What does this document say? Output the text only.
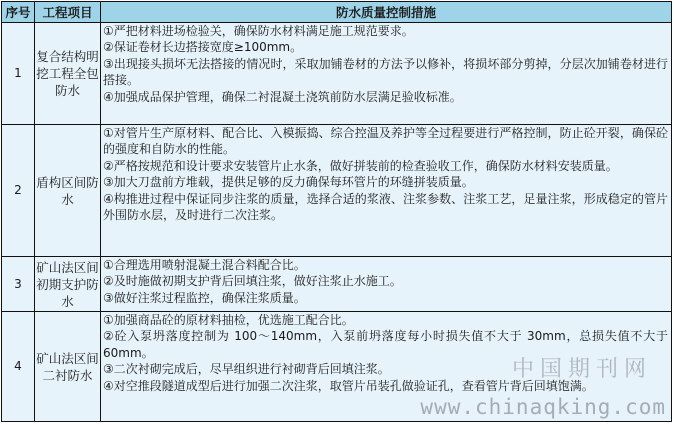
序号	工程项目	防水质量控制措施
1	复合结构明挖工程全包防水	①严把材料进场检验关，确保防水材料满足施工规范要求。
②保证卷材长边搭接宽度≥100mm。
③出现接头损坏无法搭接的情况时，采取加铺卷材的方法予以修补，将损坏部分剪掉，分层次加铺卷材进行搭接。
④加强成品保护管理，确保二衬混凝土浇筑前防水层满足验收标准。

2	盾构区间防水	①对管片生产原材料、配合比、入模振捣、综合控温及养护等全过程要进行严格控制，防止砼开裂，确保砼的强度和自防水的性能。
②严格按规范和设计要求安装管片止水条，做好拼装前的检查验收工作，确保防水材料安装质量。
③加大刀盘前方堆载，提供足够的反力确保每环管片的环缝拼装质量。
④构推进过程中保证同步注浆的质量，选择合适的浆液、注浆参数、注浆工艺，足量注浆，形成稳定的管片外围防水层，及时进行二次注浆。

3	矿山法区间初期支护防水	①合理选用喷射混凝土混合料配合比。
②及时施做初期支护背后回填注浆，做好注浆止水施工。
③做好注浆过程监控，确保注浆质量。

4	矿山法区间二衬防水	①加强商品砼的原材料抽检，优选施工配合比。
②砼入泵坍落度控制为 100～140mm，入泵前坍落度每小时损失值不大于 30mm，总损失值不大于 60mm。
③二次衬砌完成后，尽早组织进行衬砌背后回填注浆。
④对空推段隧道成型后进行加强二次注浆，取管片吊装孔做验证孔，查看管片背后回填饱满。
中国期刊网
www.chinaqking.com
